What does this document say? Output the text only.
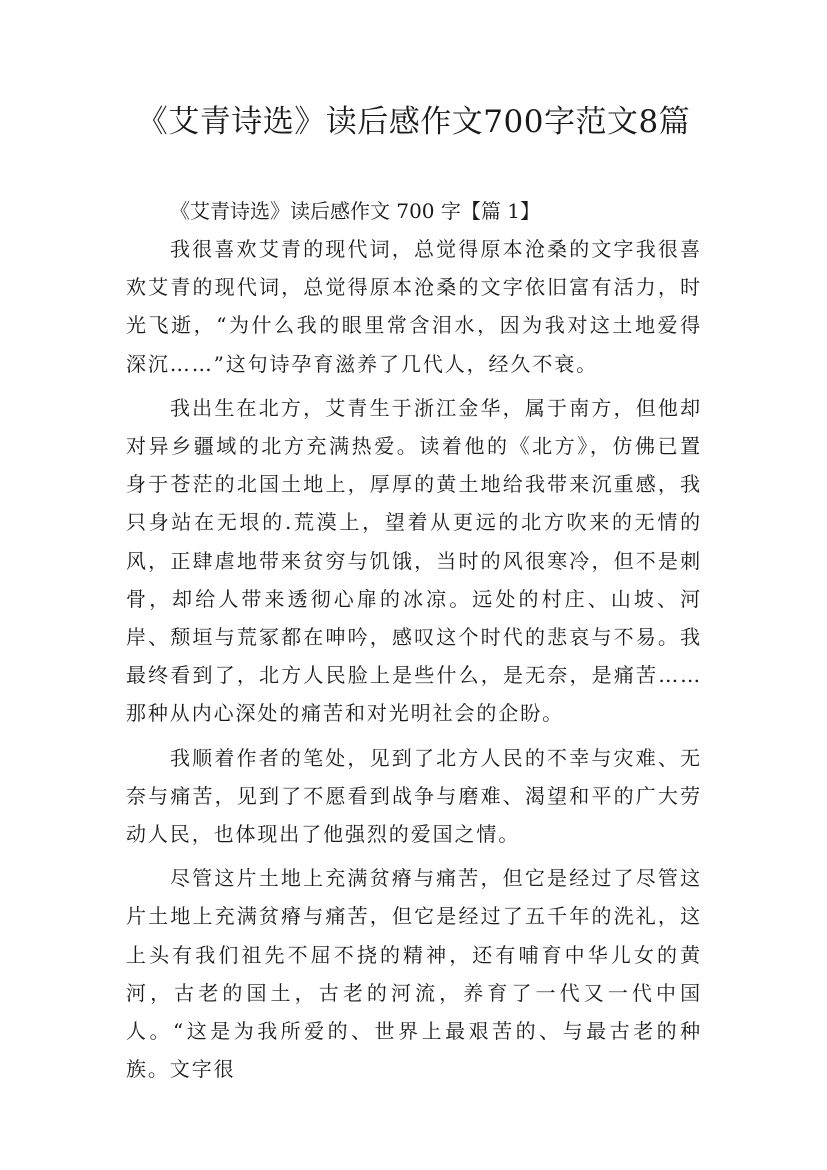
《艾青诗选》读后感作文700字范文8篇

《艾青诗选》读后感作文 700 字【篇 1】

我很喜欢艾青的现代词，总觉得原本沧桑的文字我很喜欢艾青的现代词，总觉得原本沧桑的文字依旧富有活力，时光飞逝，“为什么我的眼里常含泪水，因为我对这土地爱得深沉……”这句诗孕育滋养了几代人，经久不衰。

我出生在北方，艾青生于浙江金华，属于南方，但他却对异乡疆域的北方充满热爱。读着他的《北方》，仿佛已置身于苍茫的北国土地上，厚厚的黄土地给我带来沉重感，我只身站在无垠的.荒漠上，望着从更远的北方吹来的无情的风，正肆虐地带来贫穷与饥饿，当时的风很寒冷，但不是刺骨，却给人带来透彻心扉的冰凉。远处的村庄、山坡、河岸、颓垣与荒冢都在呻吟，感叹这个时代的悲哀与不易。我最终看到了，北方人民脸上是些什么，是无奈，是痛苦……那种从内心深处的痛苦和对光明社会的企盼。

我顺着作者的笔处，见到了北方人民的不幸与灾难、无奈与痛苦，见到了不愿看到战争与磨难、渴望和平的广大劳动人民，也体现出了他强烈的爱国之情。

尽管这片土地上充满贫瘠与痛苦，但它是经过了尽管这片土地上充满贫瘠与痛苦，但它是经过了五千年的洗礼，这上头有我们祖先不屈不挠的精神，还有哺育中华儿女的黄河，古老的国土，古老的河流，养育了一代又一代中国人。“这是为我所爱的、世界上最艰苦的、与最古老的种族。文字很
